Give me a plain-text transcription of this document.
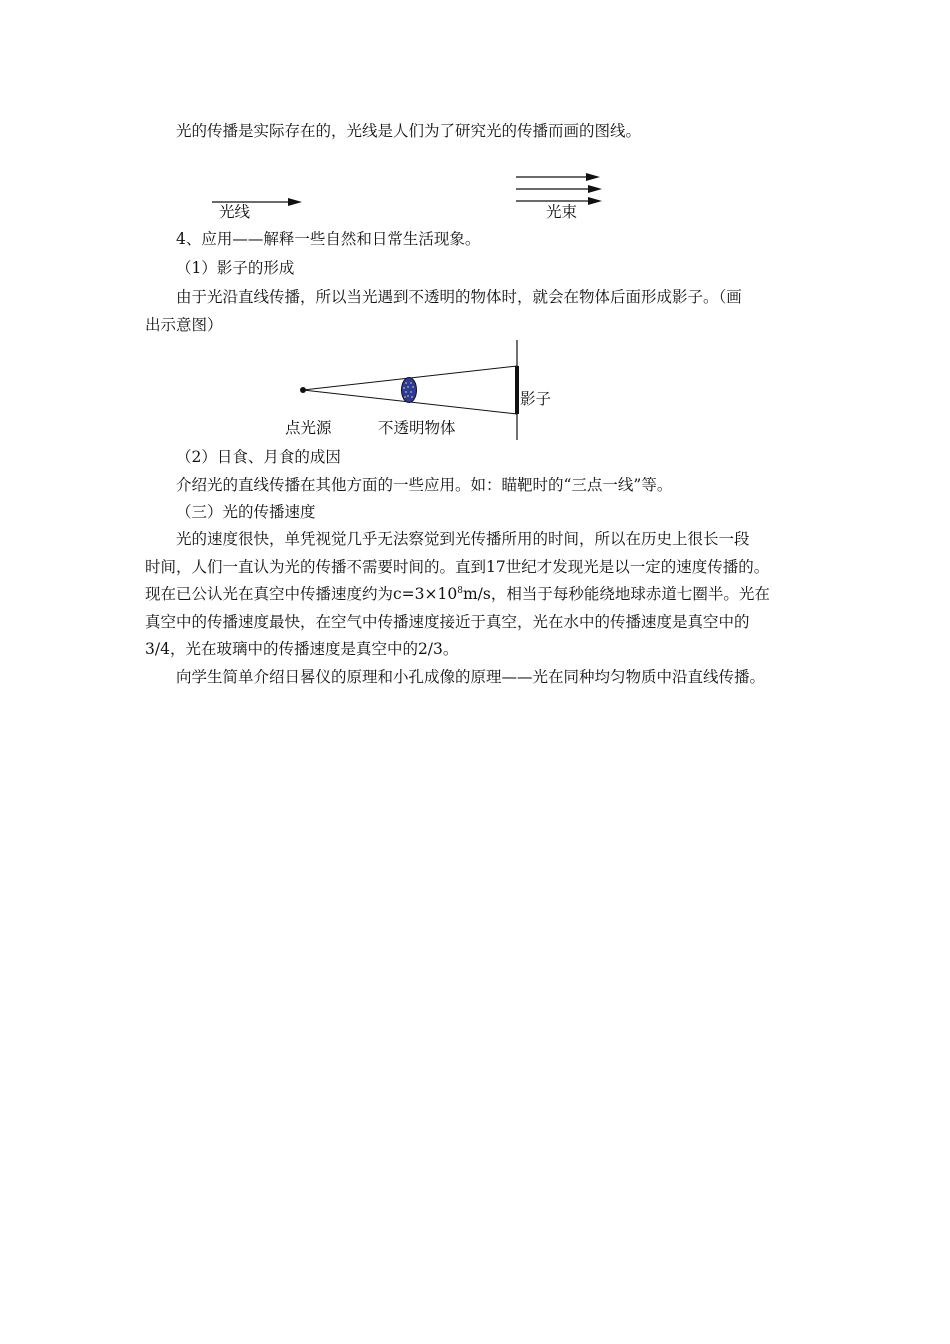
光的传播是实际存在的，光线是人们为了研究光的传播而画的图线。
光线	光束
4、应用——解释一些自然和日常生活现象。
（1）影子的形成
由于光沿直线传播，所以当光遇到不透明的物体时，就会在物体后面形成影子。（画
出示意图）
影子
点光源	不透明物体
（2）日食、月食的成因
介绍光的直线传播在其他方面的一些应用。如：瞄靶时的“三点一线”等。
（三）光的传播速度
光的速度很快，单凭视觉几乎无法察觉到光传播所用的时间，所以在历史上很长一段
时间，人们一直认为光的传播不需要时间的。直到17世纪才发现光是以一定的速度传播的。
现在已公认光在真空中传播速度约为$c=3\times 10^8m/s$，相当于每秒能绕地球赤道七圈半。光在
真空中的传播速度最快，在空气中传播速度接近于真空，光在水中的传播速度是真空中的
3/4，光在玻璃中的传播速度是真空中的2/3。
向学生简单介绍日晷仪的原理和小孔成像的原理——光在同种均匀物质中沿直线传播。
